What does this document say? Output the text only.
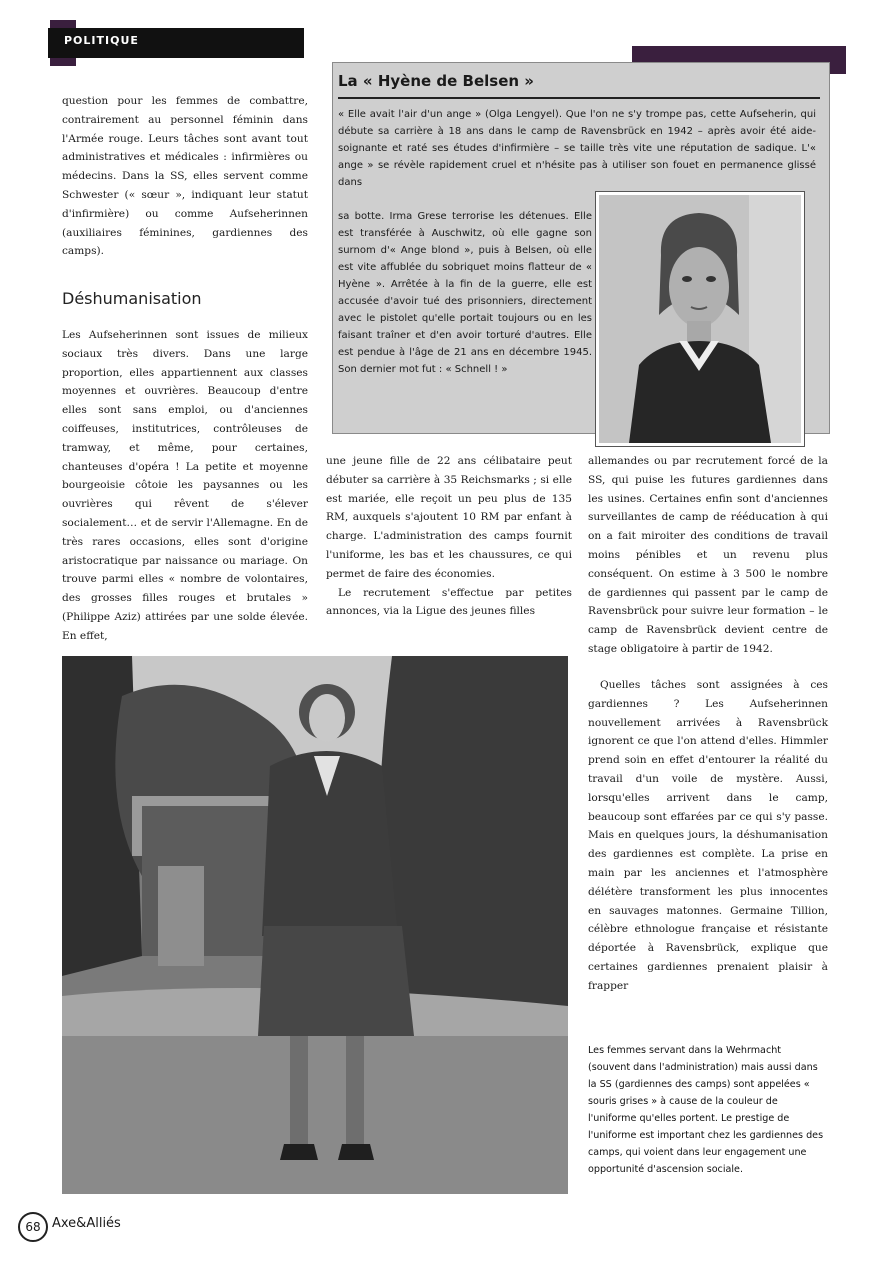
POLITIQUE
question pour les femmes de combattre, contrairement au personnel féminin dans l'Armée rouge. Leurs tâches sont avant tout administratives et médicales : infirmières ou médecins. Dans la SS, elles servent comme Schwester (« sœur », indiquant leur statut d'infirmière) ou comme Aufseherinnen (auxiliaires féminines, gardiennes des camps).
Déshumanisation
Les Aufseherinnen sont issues de milieux sociaux très divers. Dans une large proportion, elles appartiennent aux classes moyennes et ouvrières. Beaucoup d'entre elles sont sans emploi, ou d'anciennes coiffeuses, institutrices, contrôleuses de tramway, et même, pour certaines, chanteuses d'opéra ! La petite et moyenne bourgeoisie côtoie les paysannes ou les ouvrières qui rêvent de s'élever socialement… et de servir l'Allemagne. En de très rares occasions, elles sont d'origine aristocratique par naissance ou mariage. On trouve parmi elles « nombre de volontaires, des grosses filles rouges et brutales » (Philippe Aziz) attirées par une solde élevée. En effet,
La « Hyène de Belsen »
« Elle avait l'air d'un ange » (Olga Lengyel). Que l'on ne s'y trompe pas, cette Aufseherin, qui débute sa carrière à 18 ans dans le camp de Ravensbrück en 1942 – après avoir été aide-soignante et raté ses études d'infirmière – se taille très vite une réputation de sadique. L'« ange » se révèle rapidement cruel et n'hésite pas à utiliser son fouet en permanence glissé dans
sa botte. Irma Grese terrorise les détenues. Elle est transférée à Auschwitz, où elle gagne son surnom d'« Ange blond », puis à Belsen, où elle est vite affublée du sobriquet moins flatteur de « Hyène ». Arrêtée à la fin de la guerre, elle est accusée d'avoir tué des prisonniers, directement avec le pistolet qu'elle portait toujours ou en les faisant traîner et d'en avoir torturé d'autres. Elle est pendue à l'âge de 21 ans en décembre 1945. Son dernier mot fut : « Schnell ! »

une jeune fille de 22 ans célibataire peut débuter sa carrière à 35 Reichsmarks ; si elle est mariée, elle reçoit un peu plus de 135 RM, auxquels s'ajoutent 10 RM par enfant à charge. L'administration des camps fournit l'uniforme, les bas et les chaussures, ce qui permet de faire des économies.

Le recrutement s'effectue par petites annonces, via la Ligue des jeunes filles

allemandes ou par recrutement forcé de la SS, qui puise les futures gardiennes dans les usines. Certaines enfin sont d'anciennes surveillantes de camp de rééducation à qui on a fait miroiter des conditions de travail moins pénibles et un revenu plus conséquent. On estime à 3 500 le nombre de gardiennes qui passent par le camp de Ravensbrück pour suivre leur formation – le camp de Ravensbrück devient centre de stage obligatoire à partir de 1942.
Quelles tâches sont assignées à ces gardiennes ? Les Aufseherinnen nouvellement arrivées à Ravensbrück ignorent ce que l'on attend d'elles. Himmler prend soin en effet d'entourer la réalité du travail d'un voile de mystère. Aussi, lorsqu'elles arrivent dans le camp, beaucoup sont effarées par ce qui s'y passe. Mais en quelques jours, la déshumanisation des gardiennes est complète. La prise en main par les anciennes et l'atmosphère délétère transforment les plus innocentes en sauvages matonnes. Germaine Tillion, célèbre ethnologue française et résistante déportée à Ravensbrück, explique que certaines gardiennes prenaient plaisir à frapper
Les femmes servant dans la Wehrmacht (souvent dans l'administration) mais aussi dans la SS (gardiennes des camps) sont appelées « souris grises » à cause de la couleur de l'uniforme qu'elles portent. Le prestige de l'uniforme est important chez les gardiennes des camps, qui voient dans leur engagement une opportunité d'ascension sociale.
68 Axe&Alliés
